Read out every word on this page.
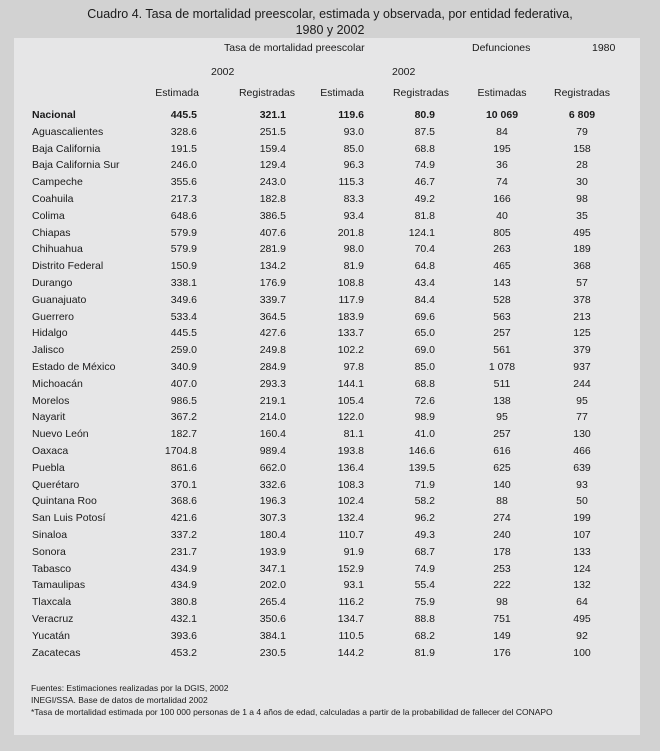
Cuadro 4. Tasa de mortalidad preescolar, estimada y observada, por entidad federativa,
1980 y 2002
Tasa de mortalidad preescolar	Defunciones	1980
2002	2002
Estimada	Registradas Estimada	Registradas	Estimadas	Registradas
Nacional	445.5	321.1	119.6	80.9	10 069	6 809
Aguascalientes	328.6	251.5	93.0	87.5	84	79
Baja California	191.5	159.4	85.0	68.8	195	158
Baja California Sur	246.0	129.4	96.3	74.9	36	28
Campeche	355.6	243.0	115.3	46.7	74	30
Coahuila	217.3	182.8	83.3	49.2	166	98
Colima	648.6	386.5	93.4	81.8	40	35
Chiapas	579.9	407.6	201.8	124.1	805	495
Chihuahua	579.9	281.9	98.0	70.4	263	189
Distrito Federal	150.9	134.2	81.9	64.8	465	368
Durango	338.1	176.9	108.8	43.4	143	57
Guanajuato	349.6	339.7	117.9	84.4	528	378
Guerrero	533.4	364.5	183.9	69.6	563	213
Hidalgo	445.5	427.6	133.7	65.0	257	125
Jalisco	259.0	249.8	102.2	69.0	561	379
Estado de México	340.9	284.9	97.8	85.0	1 078	937
Michoacán	407.0	293.3	144.1	68.8	511	244
Morelos	986.5	219.1	105.4	72.6	138	95
Nayarit	367.2	214.0	122.0	98.9	95	77
Nuevo León	182.7	160.4	81.1	41.0	257	130
Oaxaca	1704.8	989.4	193.8	146.6	616	466
Puebla	861.6	662.0	136.4	139.5	625	639
Querétaro	370.1	332.6	108.3	71.9	140	93
Quintana Roo	368.6	196.3	102.4	58.2	88	50
San Luis Potosí	421.6	307.3	132.4	96.2	274	199
Sinaloa	337.2	180.4	110.7	49.3	240	107
Sonora	231.7	193.9	91.9	68.7	178	133
Tabasco	434.9	347.1	152.9	74.9	253	124
Tamaulipas	434.9	202.0	93.1	55.4	222	132
Tlaxcala	380.8	265.4	116.2	75.9	98	64
Veracruz	432.1	350.6	134.7	88.8	751	495
Yucatán	393.6	384.1	110.5	68.2	149	92
Zacatecas	453.2	230.5	144.2	81.9	176	100
Fuentes: Estimaciones realizadas por la DGIS, 2002
INEGI/SSA. Base de datos de mortalidad 2002
*Tasa de mortalidad estimada por 100 000 personas de 1 a 4 años de edad, calculadas a partir de la probabilidad de fallecer del CONAPO
